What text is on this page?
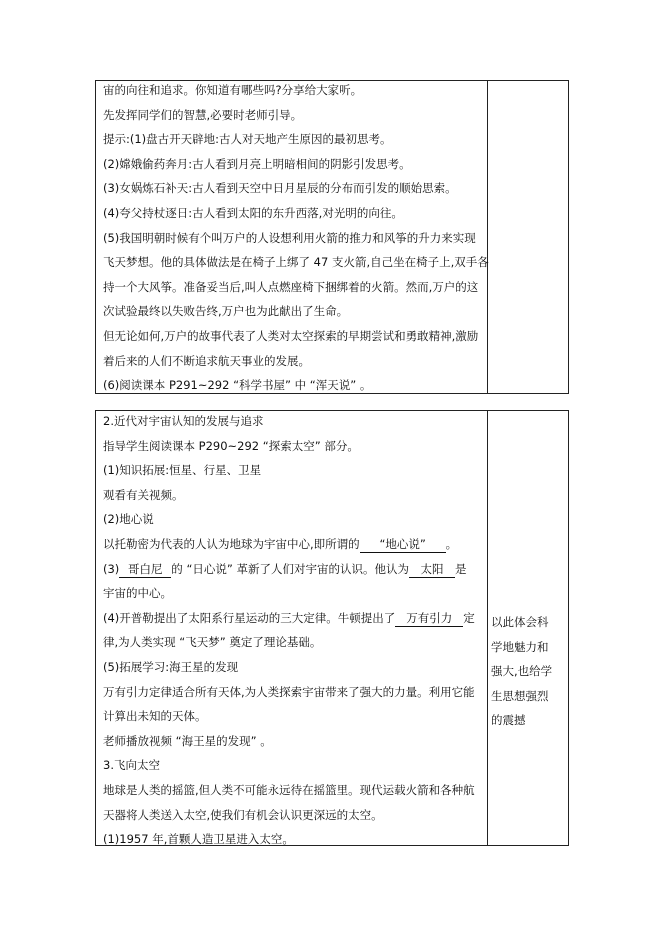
宙的向往和追求。你知道有哪些吗?分享给大家听。

先发挥同学们的智慧,必要时老师引导。

提示:(1)盘古开天辟地:古人对天地产生原因的最初思考。

(2)嫦娥偷药奔月:古人看到月亮上明暗相间的阴影引发思考。

(3)女娲炼石补天:古人看到天空中日月星辰的分布而引发的顺始思索。

(4)夸父持杖逐日:古人看到太阳的东升西落,对光明的向往。

(5)我国明朝时候有个叫万户的人设想利用火箭的推力和风筝的升力来实现

飞天梦想。他的具体做法是在椅子上绑了 47 支火箭,自己坐在椅子上,双手各

持一个大风筝。准备妥当后,叫人点燃座椅下捆绑着的火箭。然而,万户的这

次试验最终以失败告终,万户也为此献出了生命。

但无论如何,万户的故事代表了人类对太空探索的早期尝试和勇敢精神,激励

着后来的人们不断追求航天事业的发展。

(6)阅读课本 P291~292 “科学书屋” 中 “浑天说” 。

2.近代对宇宙认知的发展与追求

指导学生阅读课本 P290~292 “探索太空” 部分。

(1)知识拓展:恒星、行星、卫星

观看有关视频。

(2)地心说

以托勒密为代表的人认为地球为宇宙中心,即所谓的 “地心说” 。

(3) 哥白尼 的 “日心说” 革新了人们对宇宙的认识。他认为 太阳 是

宇宙的中心。

(4)开普勒提出了太阳系行星运动的三大定律。牛顿提出了 万有引力 定

律,为人类实现 “飞天梦” 奠定了理论基础。

(5)拓展学习:海王星的发现

万有引力定律适合所有天体,为人类探索宇宙带来了强大的力量。利用它能

计算出未知的天体。

老师播放视频 “海王星的发现” 。

3.飞向太空

地球是人类的摇篮,但人类不可能永远待在摇篮里。现代运载火箭和各种航

天器将人类送入太空,使我们有机会认识更深远的太空。

(1)1957 年,首颗人造卫星进入太空。

以此体会科

学地魅力和

强大,也给学

生思想强烈

的震撼
